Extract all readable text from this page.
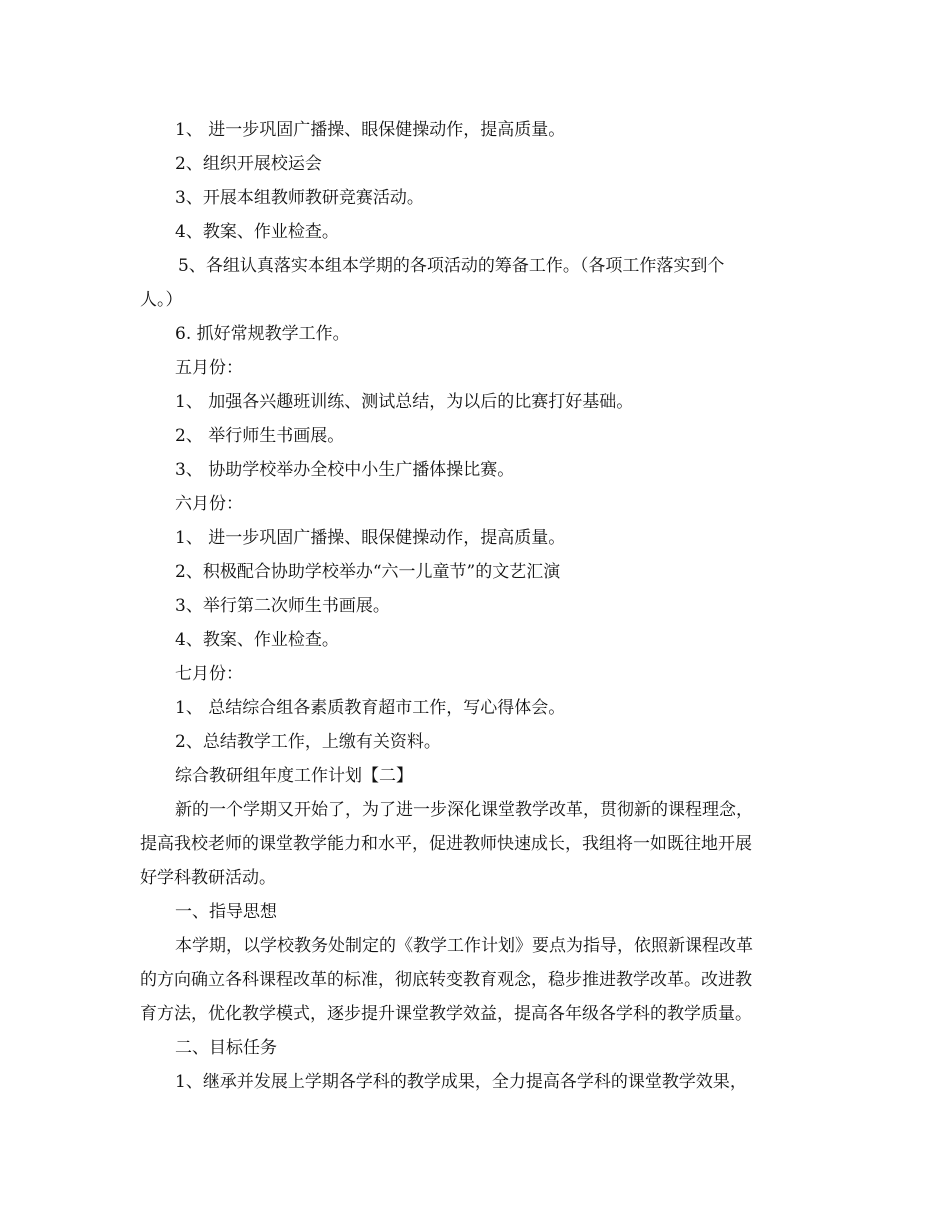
1、 进一步巩固广播操、眼保健操动作，提高质量。
2、组织开展校运会
3、开展本组教师教研竞赛活动。
4、教案、作业检查。
5、各组认真落实本组本学期的各项活动的筹备工作。（各项工作落实到个
人。）
6. 抓好常规教学工作。
五月份：
1、 加强各兴趣班训练、测试总结，为以后的比赛打好基础。
2、 举行师生书画展。
3、 协助学校举办全校中小生广播体操比赛。
六月份：
1、 进一步巩固广播操、眼保健操动作，提高质量。
2、积极配合协助学校举办“六一儿童节”的文艺汇演
3、举行第二次师生书画展。
4、教案、作业检查。
七月份：
1、 总结综合组各素质教育超市工作，写心得体会。
2、总结教学工作，上缴有关资料。
综合教研组年度工作计划【二】
新的一个学期又开始了，为了进一步深化课堂教学改革，贯彻新的课程理念，
提高我校老师的课堂教学能力和水平，促进教师快速成长，我组将一如既往地开展
好学科教研活动。
一、指导思想
本学期，以学校教务处制定的《教学工作计划》要点为指导，依照新课程改革
的方向确立各科课程改革的标准，彻底转变教育观念，稳步推进教学改革。改进教
育方法，优化教学模式，逐步提升课堂教学效益，提高各年级各学科的教学质量。
二、目标任务
1、继承并发展上学期各学科的教学成果，全力提高各学科的课堂教学效果，
